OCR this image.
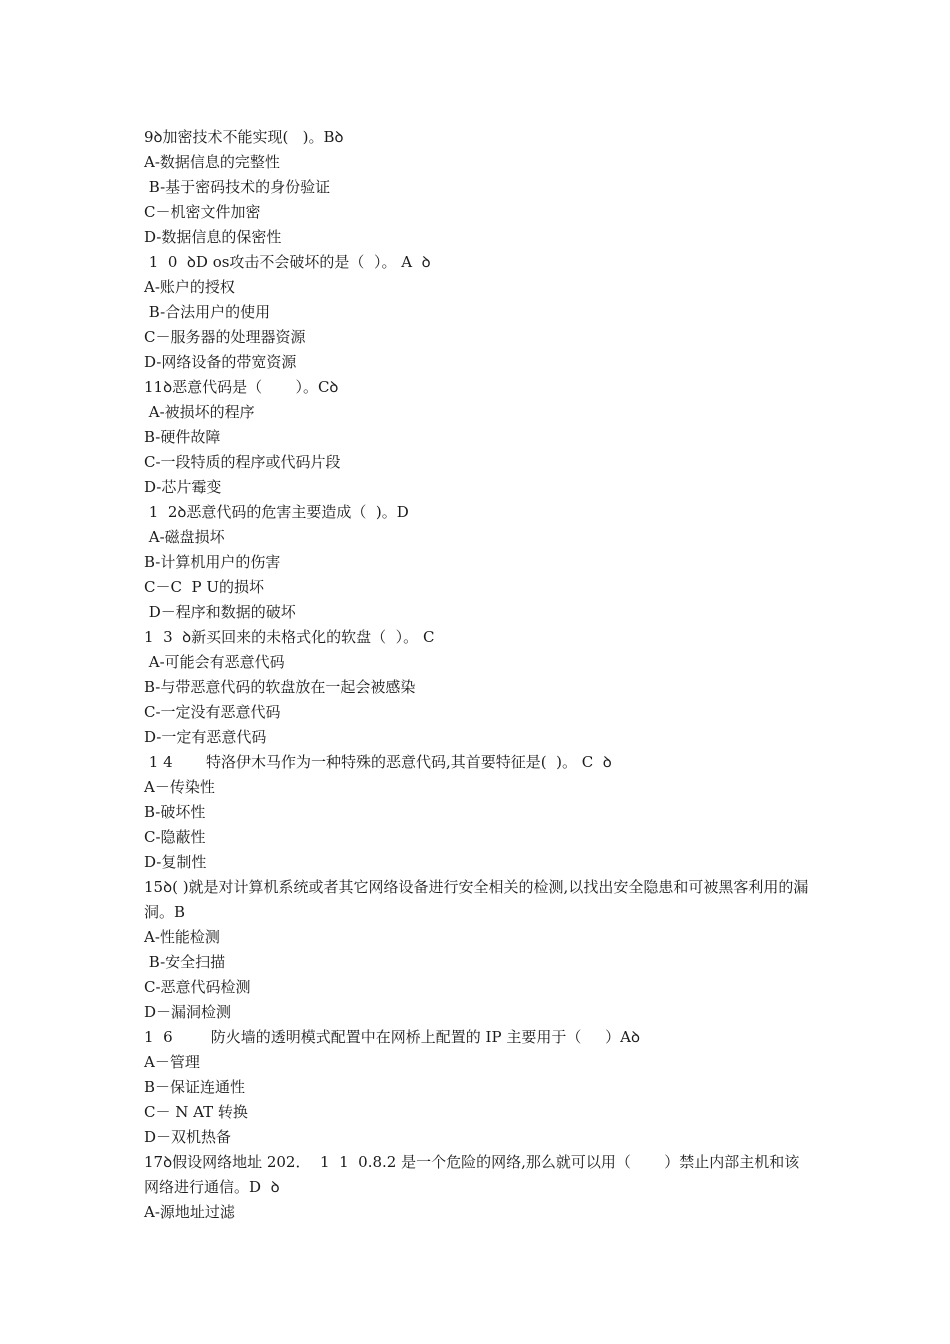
9ꝺ加密技术不能实现(   )。Bꝺ
A-数据信息的完整性
B-基于密码技术的身份验证
C－机密文件加密
D-数据信息的保密性
1  0  ꝺD os攻击不会破坏的是（  ）。 A  ꝺ
A-账户的授权
B-合法用户的使用
C－服务器的处理器资源
D-网络设备的带宽资源
11ꝺ恶意代码是（       ）。Cꝺ
A-被损坏的程序
B-硬件故障
C-一段特质的程序或代码片段
D-芯片霉变
1  2ꝺ恶意代码的危害主要造成（  )。D
A-磁盘损坏
B-计算机用户的伤害
C－C  P U的损坏
D－程序和数据的破坏
1  3  ꝺ新买回来的未格式化的软盘（  ）。 C
A-可能会有恶意代码
B-与带恶意代码的软盘放在一起会被感染
C-一定没有恶意代码
D-一定有恶意代码
1 4       特洛伊木马作为一种特殊的恶意代码,其首要特征是(  )。 C  ꝺ
A－传染性
B-破坏性
C-隐蔽性
D-复制性
15ꝺ( )就是对计算机系统或者其它网络设备进行安全相关的检测,以找出安全隐患和可被黑客利用的漏洞。B
A-性能检测
B-安全扫描
C-恶意代码检测
D－漏洞检测
1  6        防火墙的透明模式配置中在网桥上配置的 IP 主要用于（     ）Aꝺ
A－管理
B－保证连通性
C－ N AT 转换
D－双机热备
17ꝺ假设网络地址 202．  1  1  0.8.2 是一个危险的网络,那么就可以用（       ）禁止内部主机和该网络进行通信。D  ꝺ
A-源地址过滤
